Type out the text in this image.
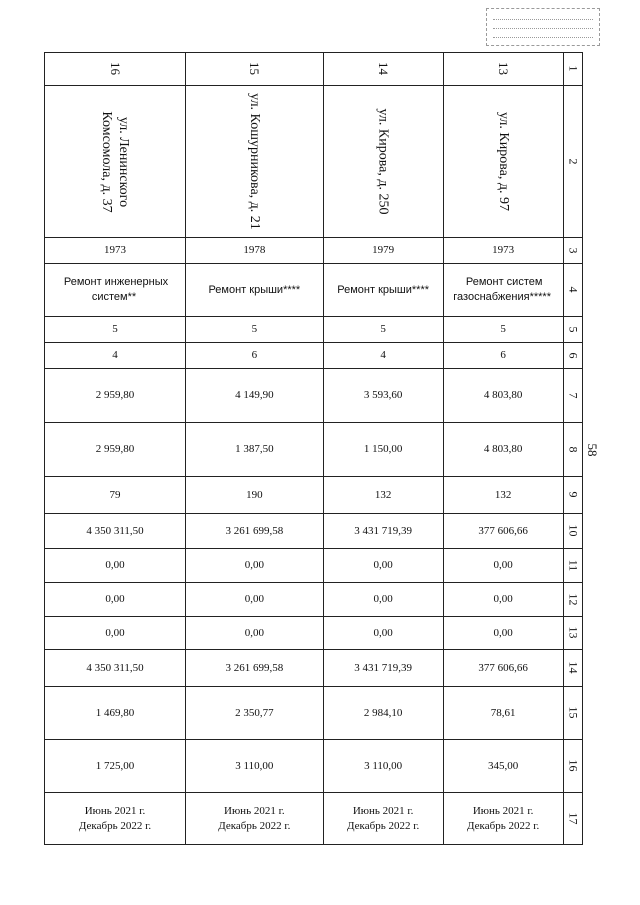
58
16	15	14	13	1
ул. Ленинского Комсомола, д. 37	ул. Кошурникова, д. 21	ул. Кирова, д. 250	ул. Кирова, д. 97	2
1973	1978	1979	1973	3
Ремонт инженерных систем**	Ремонт крыши****	Ремонт крыши****	Ремонт систем газоснабжения*****	4
5	5	5	5	5
4	6	4	6	6
2 959,80	4 149,90	3 593,60	4 803,80	7
2 959,80	1 387,50	1 150,00	4 803,80	8
79	190	132	132	9
4 350 311,50	3 261 699,58	3 431 719,39	377 606,66	10
0,00	0,00	0,00	0,00	11
0,00	0,00	0,00	0,00	12
0,00	0,00	0,00	0,00	13
4 350 311,50	3 261 699,58	3 431 719,39	377 606,66	14
1 469,80	2 350,77	2 984,10	78,61	15
1 725,00	3 110,00	3 110,00	345,00	16

Июнь 2021 г. Декабрь 2022 г.	Июнь 2021 г. Декабрь 2022 г.	Июнь 2021 г. Декабрь 2022 г.	Июнь 2021 г. Декабрь 2022 г.	17
